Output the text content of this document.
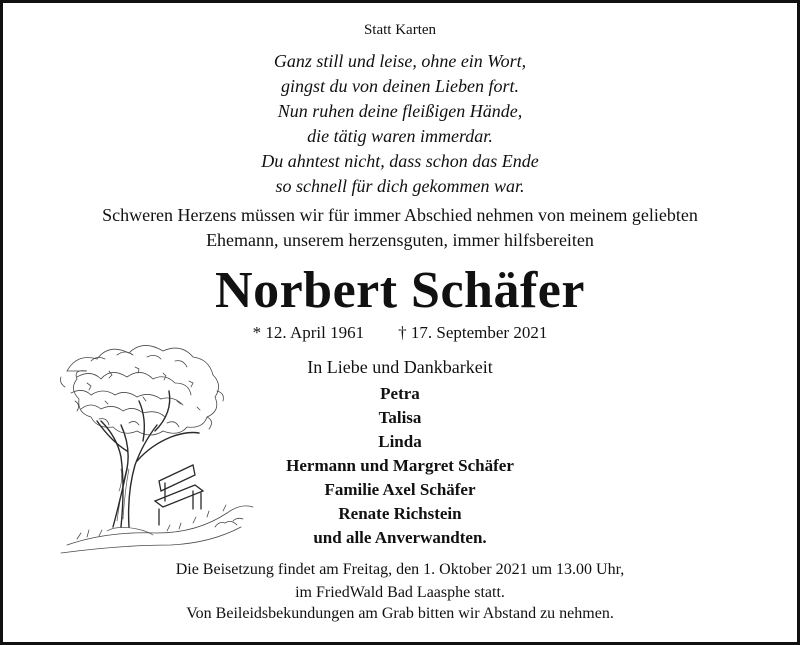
Statt Karten
Ganz still und leise, ohne ein Wort,
gingst du von deinen Lieben fort.
Nun ruhen deine fleißigen Hände,
die tätig waren immerdar.
Du ahntest nicht, dass schon das Ende
so schnell für dich gekommen war.
Schweren Herzens müssen wir für immer Abschied nehmen von meinem geliebten
Ehemann, unserem herzensguten, immer hilfsbereiten
Norbert Schäfer
* 12. April 1961 † 17. September 2021
In Liebe und Dankbarkeit
Petra
Talisa
Linda
Hermann und Margret Schäfer
Familie Axel Schäfer
Renate Richstein
und alle Anverwandten.
Die Beisetzung findet am Freitag, den 1. Oktober 2021 um 13.00 Uhr,
im FriedWald Bad Laasphe statt.
Von Beileidsbekundungen am Grab bitten wir Abstand zu nehmen.
